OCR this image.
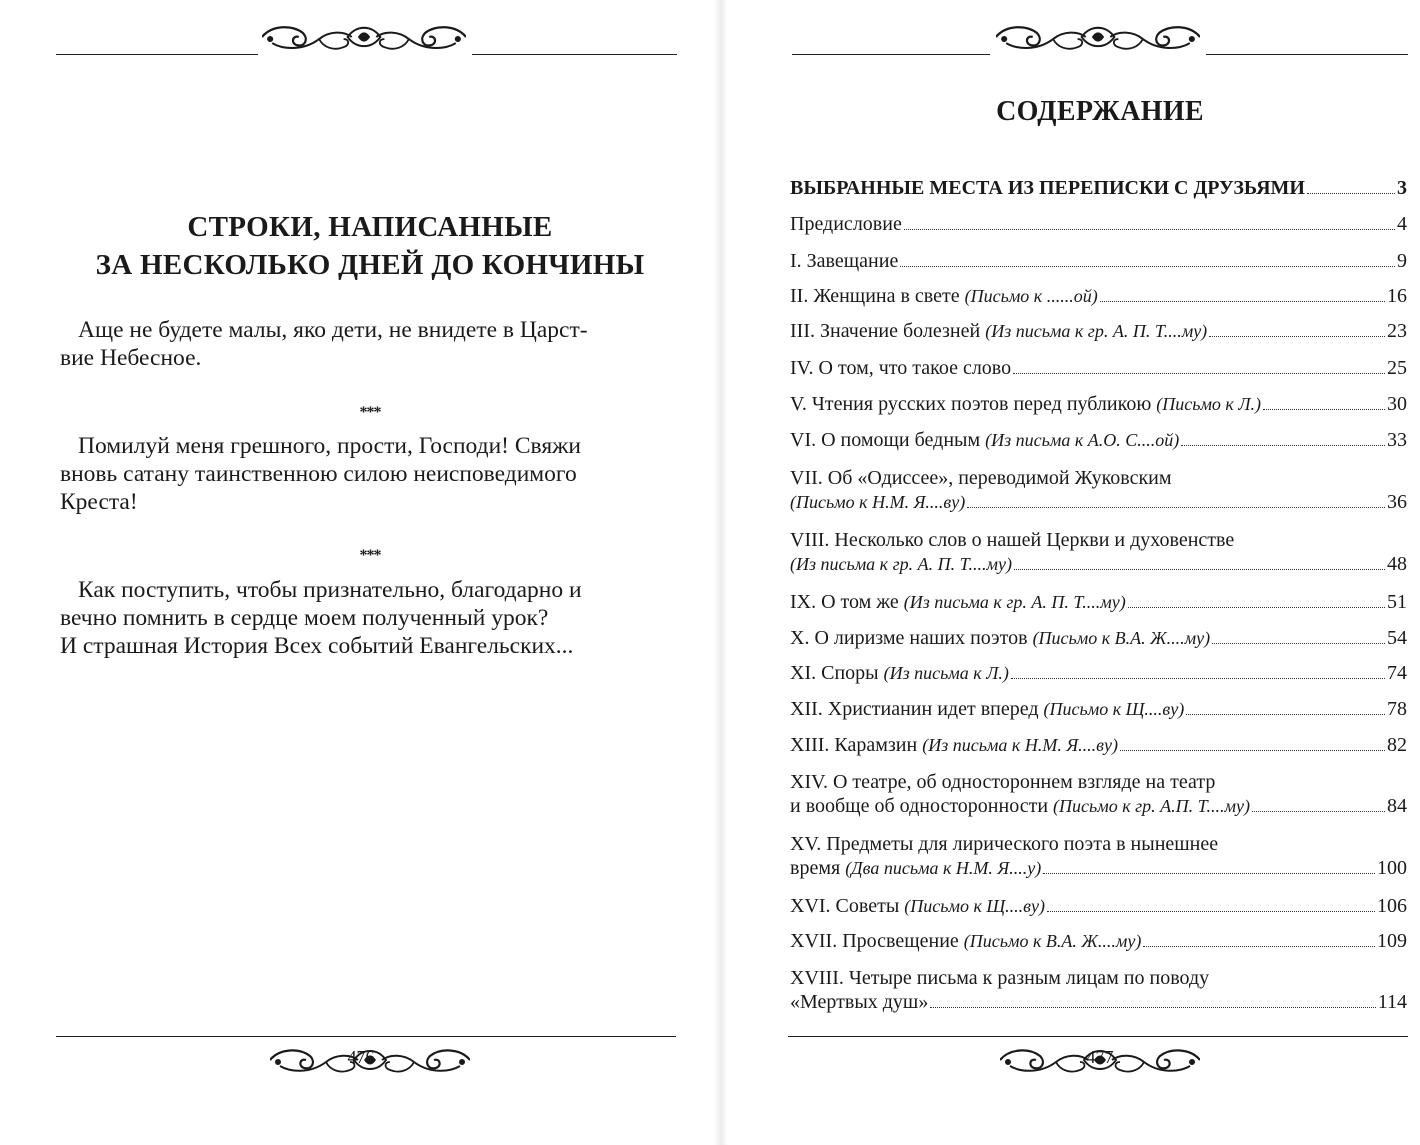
СТРОКИ, НАПИСАННЫЕ
ЗА НЕСКОЛЬКО ДНЕЙ ДО КОНЧИНЫ
Аще не будете малы, яко дети, не внидете в Царст-
вие Небесное.
***
Помилуй меня грешного, прости, Господи! Свяжи
вновь сатану таинственною силою неисповедимого
Креста!
***
Как поступить, чтобы признательно, благодарно и
вечно помнить в сердце моем полученный урок?
И страшная История Всех событий Евангельских...
476
СОДЕРЖАНИЕ
ВЫБРАННЫЕ МЕСТА ИЗ ПЕРЕПИСКИ С ДРУЗЬЯМИ	3
Предисловие	4
I. Завещание	9
II. Женщина в свете (Письмо к ......ой)	16
III. Значение болезней (Из письма к гр. А. П. Т....му)	23
IV. О том, что такое слово	25
V. Чтения русских поэтов перед публикою (Письмо к Л.)	30
VI. О помощи бедным (Из письма к А.О. С....ой)	33
VII. Об «Одиссее», переводимой Жуковским
(Письмо к Н.М. Я....ву)	36
VIII. Несколько слов о нашей Церкви и духовенстве
(Из письма к гр. А. П. Т....му)	48
IX. О том же (Из письма к гр. А. П. Т....му)	51
X. О лиризме наших поэтов (Письмо к В.А. Ж....му)	54
XI. Споры (Из письма к Л.)	74
XII. Христианин идет вперед (Письмо к Щ....ву)	78
XIII. Карамзин (Из письма к Н.М. Я....ву)	82
XIV. О театре, об одностороннем взгляде на театр
и вообще об односторонности (Письмо к гр. А.П. Т....му)	84
XV. Предметы для лирического поэта в нынешнее
время (Два письма к Н.М. Я....у)	100
XVI. Советы (Письмо к Щ....ву)	106
XVII. Просвещение (Письмо к В.А. Ж....му)	109
XVIII. Четыре письма к разным лицам по поводу
«Мертвых душ»	114
477
